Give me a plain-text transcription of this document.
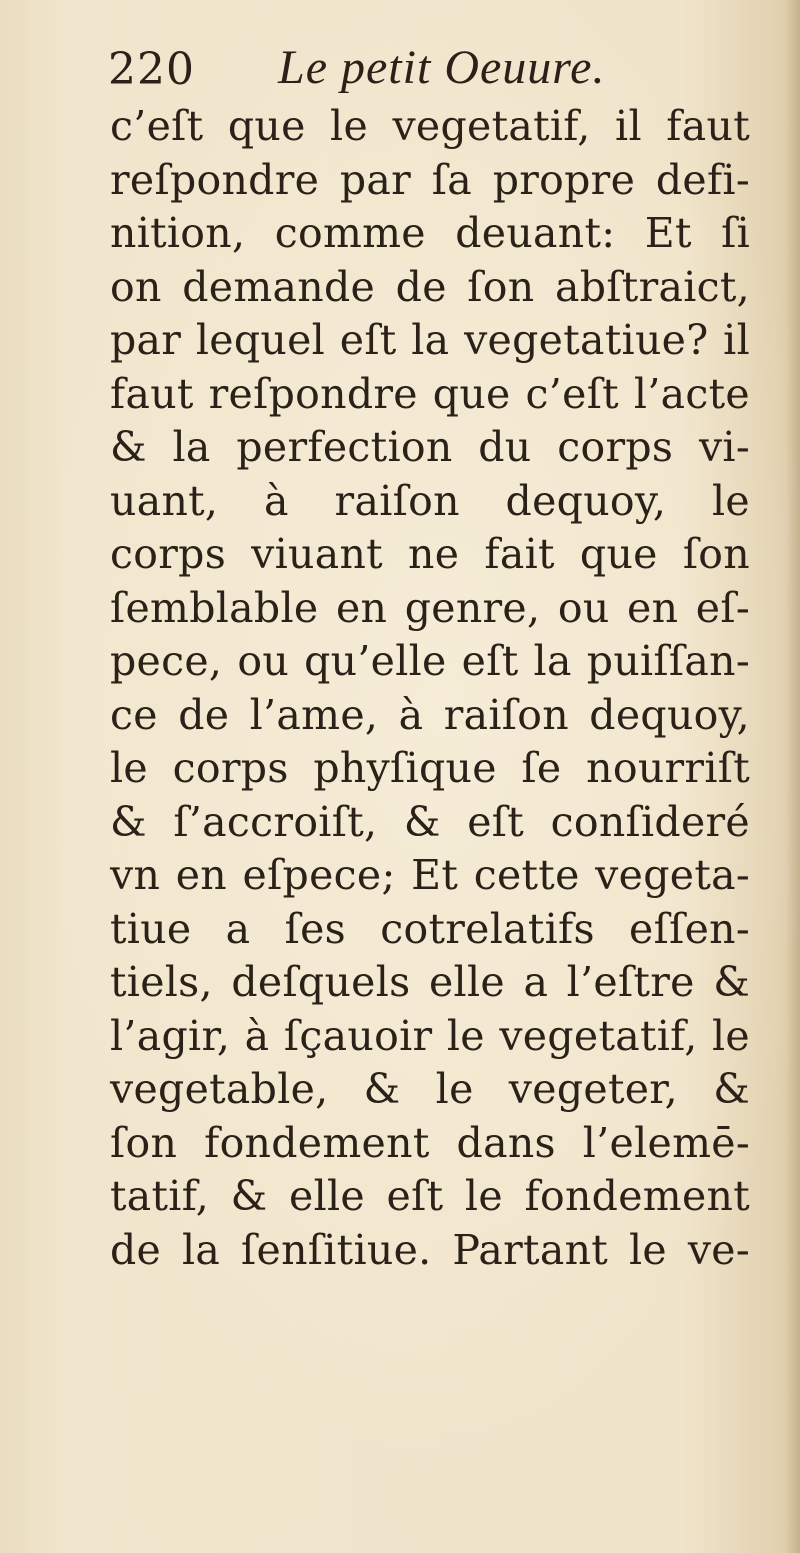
220 Le petit Oeuure.
c’eſt que le vegetatif, il faut
reſpondre par ſa propre defi-
nition, comme deuant: Et ſi
on demande de ſon abſtraict,
par lequel eſt la vegetatiue? il
faut reſpondre que c’eſt l’acte
& la perfection du corps vi-
uant, à raiſon dequoy, le
corps viuant ne fait que ſon
ſemblable en genre, ou en eſ-
pece, ou qu’elle eſt la puiſſan-
ce de l’ame, à raiſon dequoy,
le corps phyſique ſe nourriſt
& ſ’accroiſt, & eſt conſideré
vn en eſpece; Et cette vegeta-
tiue a ſes cotrelatifs eſſen-
tiels, deſquels elle a l’eſtre &
l’agir, à ſçauoir le vegetatif, le
vegetable, & le vegeter, &
ſon fondement dans l’elemē-
tatif, & elle eſt le fondement
de la ſenſitiue. Partant le ve-
